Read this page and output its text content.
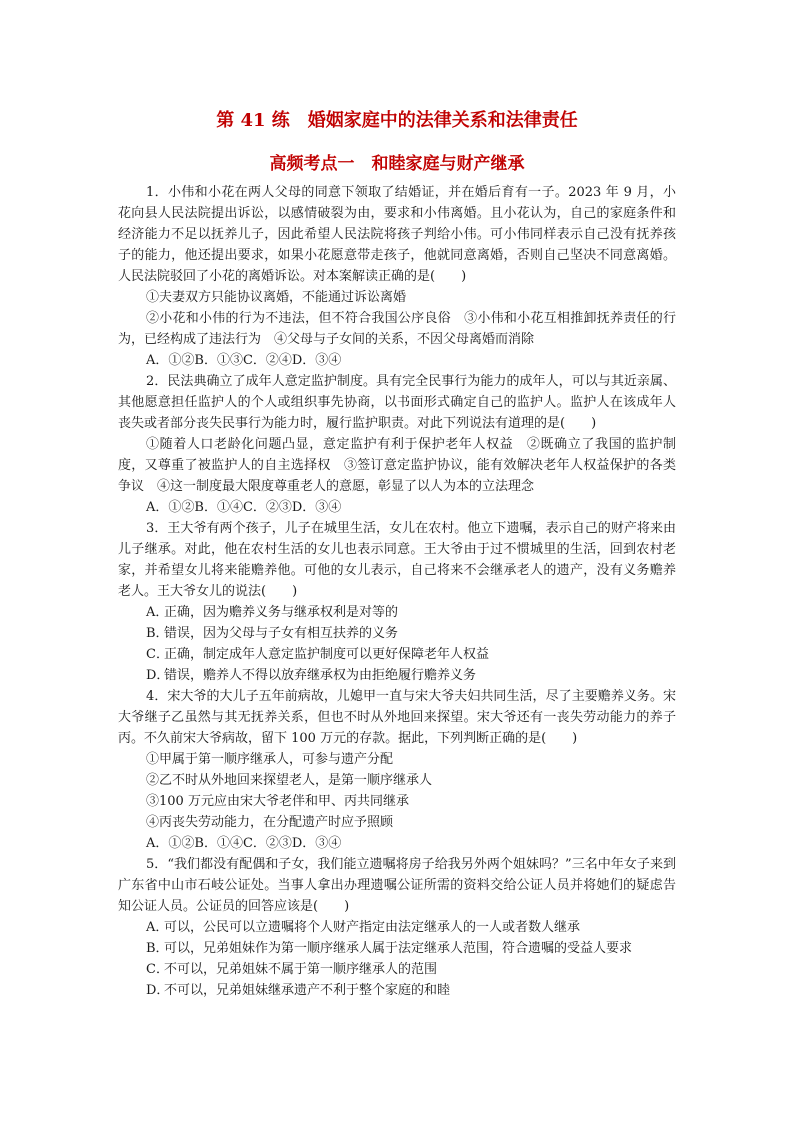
第 41 练　婚姻家庭中的法律关系和法律责任
高频考点一　和睦家庭与财产继承

1．小伟和小花在两人父母的同意下领取了结婚证，并在婚后育有一子。2023 年 9 月，小花向县人民法院提出诉讼，以感情破裂为由，要求和小伟离婚。且小花认为，自己的家庭条件和经济能力不足以抚养儿子，因此希望人民法院将孩子判给小伟。可小伟同样表示自己没有抚养孩子的能力，他还提出要求，如果小花愿意带走孩子，他就同意离婚，否则自己坚决不同意离婚。人民法院驳回了小花的离婚诉讼。对本案解读正确的是(　　)

①夫妻双方只能协议离婚，不能通过诉讼离婚

②小花和小伟的行为不违法，但不符合我国公序良俗　③小伟和小花互相推卸抚养责任的行为，已经构成了违法行为　④父母与子女间的关系，不因父母离婚而消除

A．①②B．①③C．②④D．③④

2．民法典确立了成年人意定监护制度。具有完全民事行为能力的成年人，可以与其近亲属、其他愿意担任监护人的个人或组织事先协商，以书面形式确定自己的监护人。监护人在该成年人丧失或者部分丧失民事行为能力时，履行监护职责。对此下列说法有道理的是(　　)

①随着人口老龄化问题凸显，意定监护有利于保护老年人权益　②既确立了我国的监护制度，又尊重了被监护人的自主选择权　③签订意定监护协议，能有效解决老年人权益保护的各类争议　④这一制度最大限度尊重老人的意愿，彰显了以人为本的立法理念

A．①②B．①④C．②③D．③④

3．王大爷有两个孩子，儿子在城里生活，女儿在农村。他立下遗嘱，表示自己的财产将来由儿子继承。对此，他在农村生活的女儿也表示同意。王大爷由于过不惯城里的生活，回到农村老家，并希望女儿将来能赡养他。可他的女儿表示，自己将来不会继承老人的遗产，没有义务赡养老人。王大爷女儿的说法(　　)

A．正确，因为赡养义务与继承权利是对等的

B．错误，因为父母与子女有相互扶养的义务

C．正确，制定成年人意定监护制度可以更好保障老年人权益

D．错误，赡养人不得以放弃继承权为由拒绝履行赡养义务

4．宋大爷的大儿子五年前病故，儿媳甲一直与宋大爷夫妇共同生活，尽了主要赡养义务。宋大爷继子乙虽然与其无抚养关系，但也不时从外地回来探望。宋大爷还有一丧失劳动能力的养子丙。不久前宋大爷病故，留下 100 万元的存款。据此，下列判断正确的是(　　)

①甲属于第一顺序继承人，可参与遗产分配

②乙不时从外地回来探望老人，是第一顺序继承人

③100 万元应由宋大爷老伴和甲、丙共同继承

④丙丧失劳动能力，在分配遗产时应予照顾

A．①②B．①④C．②③D．③④

5．“我们都没有配偶和子女，我们能立遗嘱将房子给我另外两个姐妹吗？”三名中年女子来到广东省中山市石岐公证处。当事人拿出办理遗嘱公证所需的资料交给公证人员并将她们的疑虑告知公证人员。公证员的回答应该是(　　)

A．可以，公民可以立遗嘱将个人财产指定由法定继承人的一人或者数人继承

B．可以，兄弟姐妹作为第一顺序继承人属于法定继承人范围，符合遗嘱的受益人要求

C．不可以，兄弟姐妹不属于第一顺序继承人的范围

D．不可以，兄弟姐妹继承遗产不利于整个家庭的和睦
